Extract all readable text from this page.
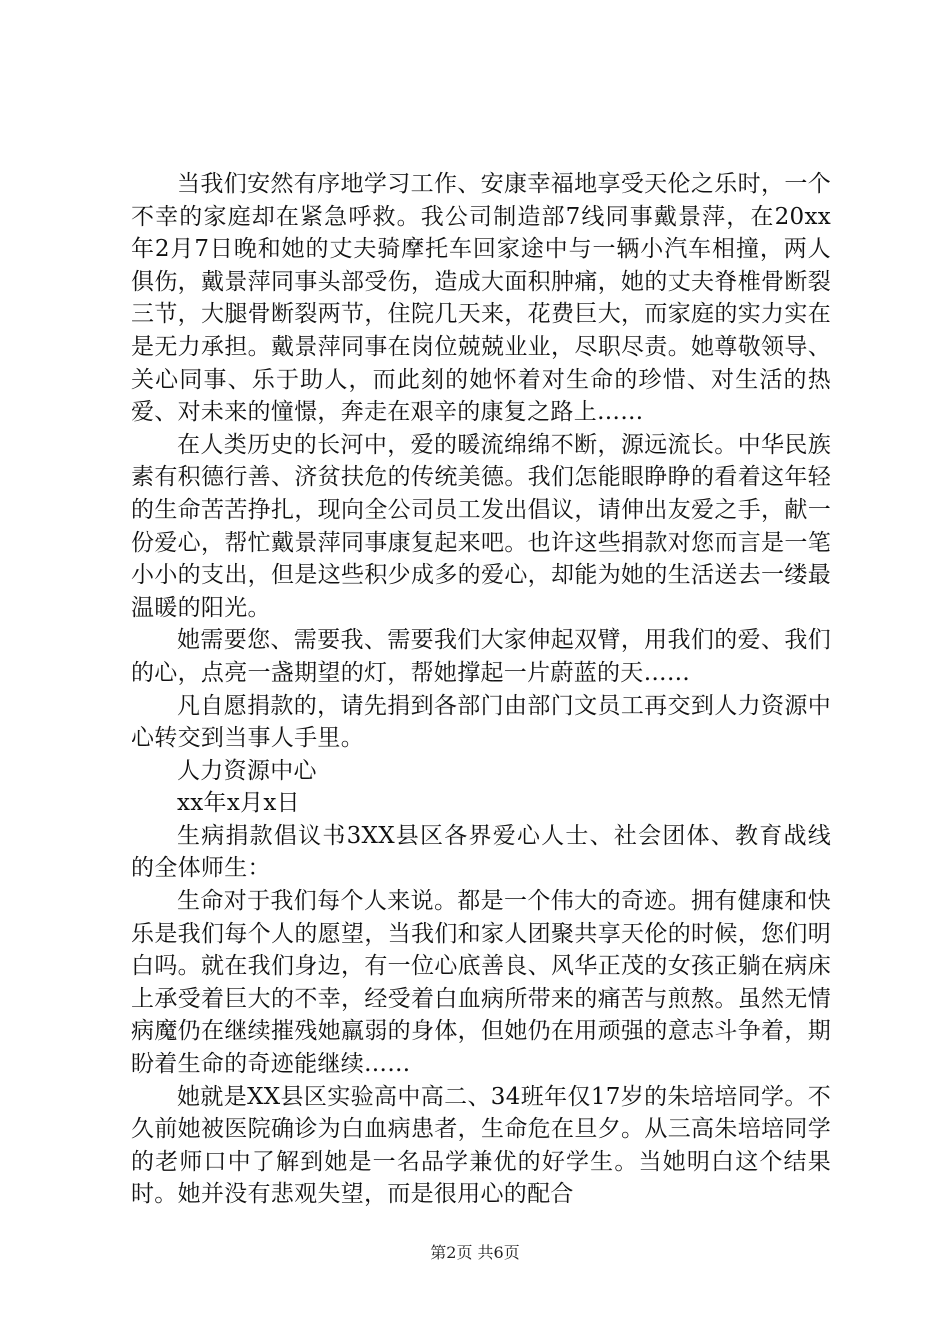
当我们安然有序地学习工作、安康幸福地享受天伦之乐时，一个不幸的家庭却在紧急呼救。我公司制造部7线同事戴景萍，在20xx年2月7日晚和她的丈夫骑摩托车回家途中与一辆小汽车相撞，两人俱伤，戴景萍同事头部受伤，造成大面积肿痛，她的丈夫脊椎骨断裂三节，大腿骨断裂两节，住院几天来，花费巨大，而家庭的实力实在是无力承担。戴景萍同事在岗位兢兢业业，尽职尽责。她尊敬领导、关心同事、乐于助人，而此刻的她怀着对生命的珍惜、对生活的热爱、对未来的憧憬，奔走在艰辛的康复之路上……

在人类历史的长河中，爱的暖流绵绵不断，源远流长。中华民族素有积德行善、济贫扶危的传统美德。我们怎能眼睁睁的看着这年轻的生命苦苦挣扎，现向全公司员工发出倡议，请伸出友爱之手，献一份爱心，帮忙戴景萍同事康复起来吧。也许这些捐款对您而言是一笔小小的支出，但是这些积少成多的爱心，却能为她的生活送去一缕最温暖的阳光。

她需要您、需要我、需要我们大家伸起双臂，用我们的爱、我们的心，点亮一盏期望的灯，帮她撑起一片蔚蓝的天……

凡自愿捐款的，请先捐到各部门由部门文员工再交到人力资源中心转交到当事人手里。

人力资源中心

xx年x月x日

生病捐款倡议书3XX县区各界爱心人士、社会团体、教育战线的全体师生：

生命对于我们每个人来说。都是一个伟大的奇迹。拥有健康和快乐是我们每个人的愿望，当我们和家人团聚共享天伦的时候，您们明白吗。就在我们身边，有一位心底善良、风华正茂的女孩正躺在病床上承受着巨大的不幸，经受着白血病所带来的痛苦与煎熬。虽然无情病魔仍在继续摧残她羸弱的身体，但她仍在用顽强的意志斗争着，期盼着生命的奇迹能继续……

她就是XX县区实验高中高二、34班年仅17岁的朱培培同学。不久前她被医院确诊为白血病患者，生命危在旦夕。从三高朱培培同学的老师口中了解到她是一名品学兼优的好学生。当她明白这个结果时。她并没有悲观失望，而是很用心的配合

第2页 共6页
